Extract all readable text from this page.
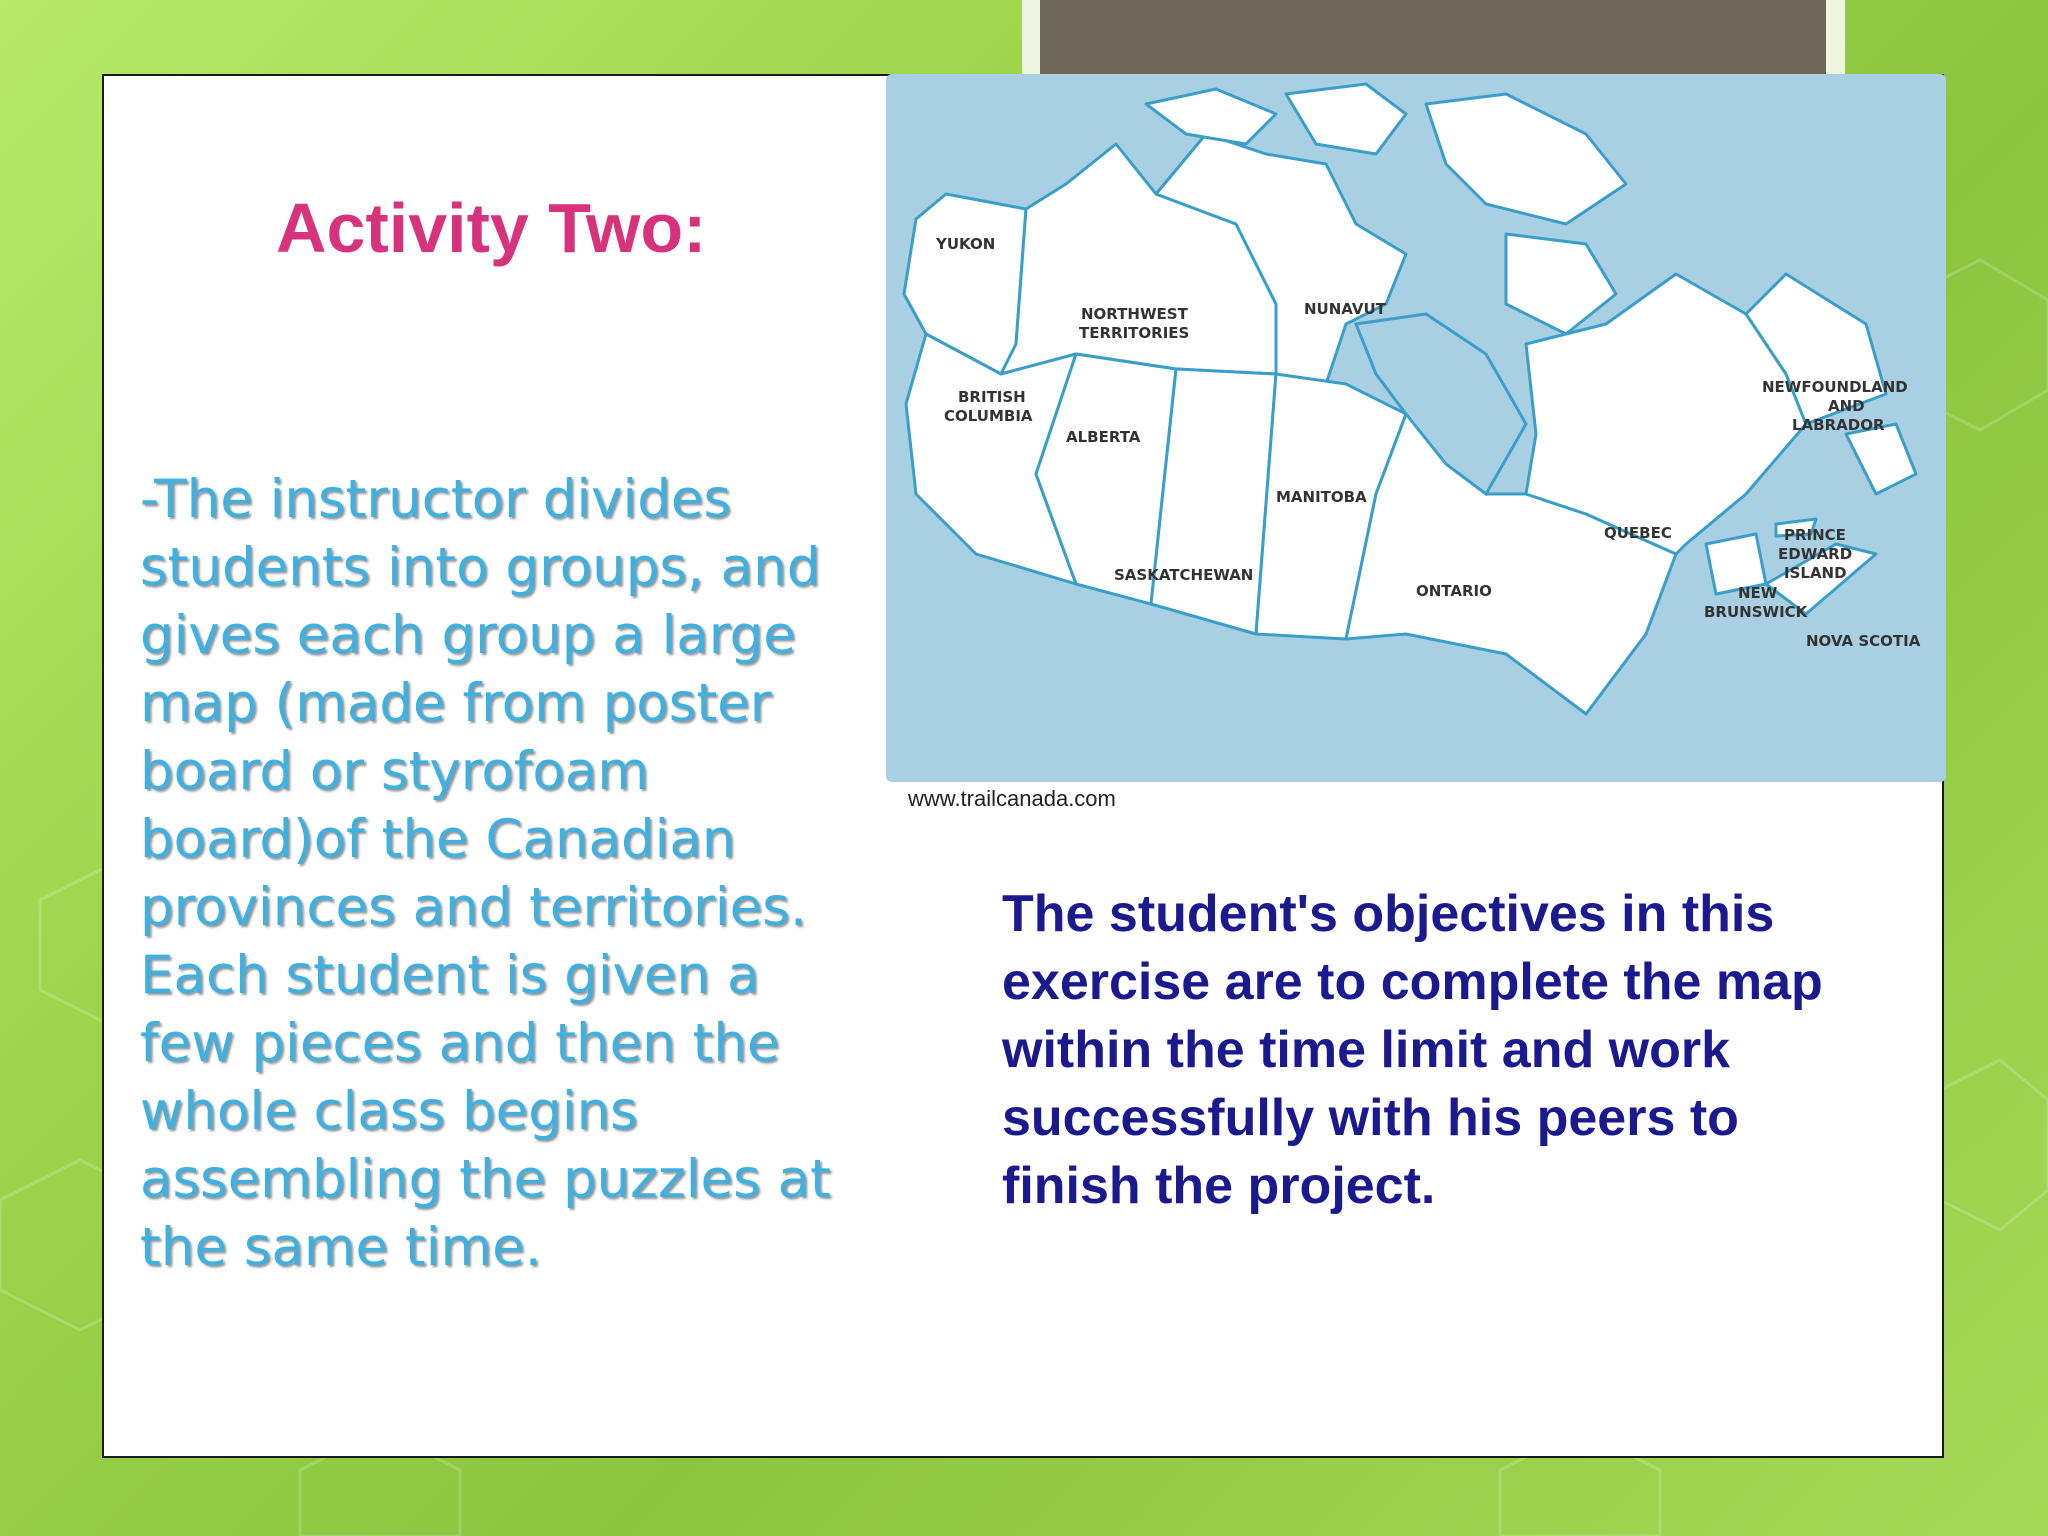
Activity Two:
-The instructor divides students into groups, and gives each group a large map (made from poster board or styrofoam board)of the Canadian provinces and territories. Each student is given a few pieces and then the whole class begins assembling the puzzles at the same time.
YUKON
NORTHWEST
TERRITORIES
NUNAVUT
BRITISH
COLUMBIA
ALBERTA
MANITOBA
SASKATCHEWAN
ONTARIO
QUEBEC
NEWFOUNDLAND
AND
LABRADOR
PRINCE
EDWARD
ISLAND
NEW
BRUNSWICK
NOVA SCOTIA
www.trailcanada.com
The student's objectives in this exercise are to complete the map within the time limit and work successfully with his peers to finish the project.
